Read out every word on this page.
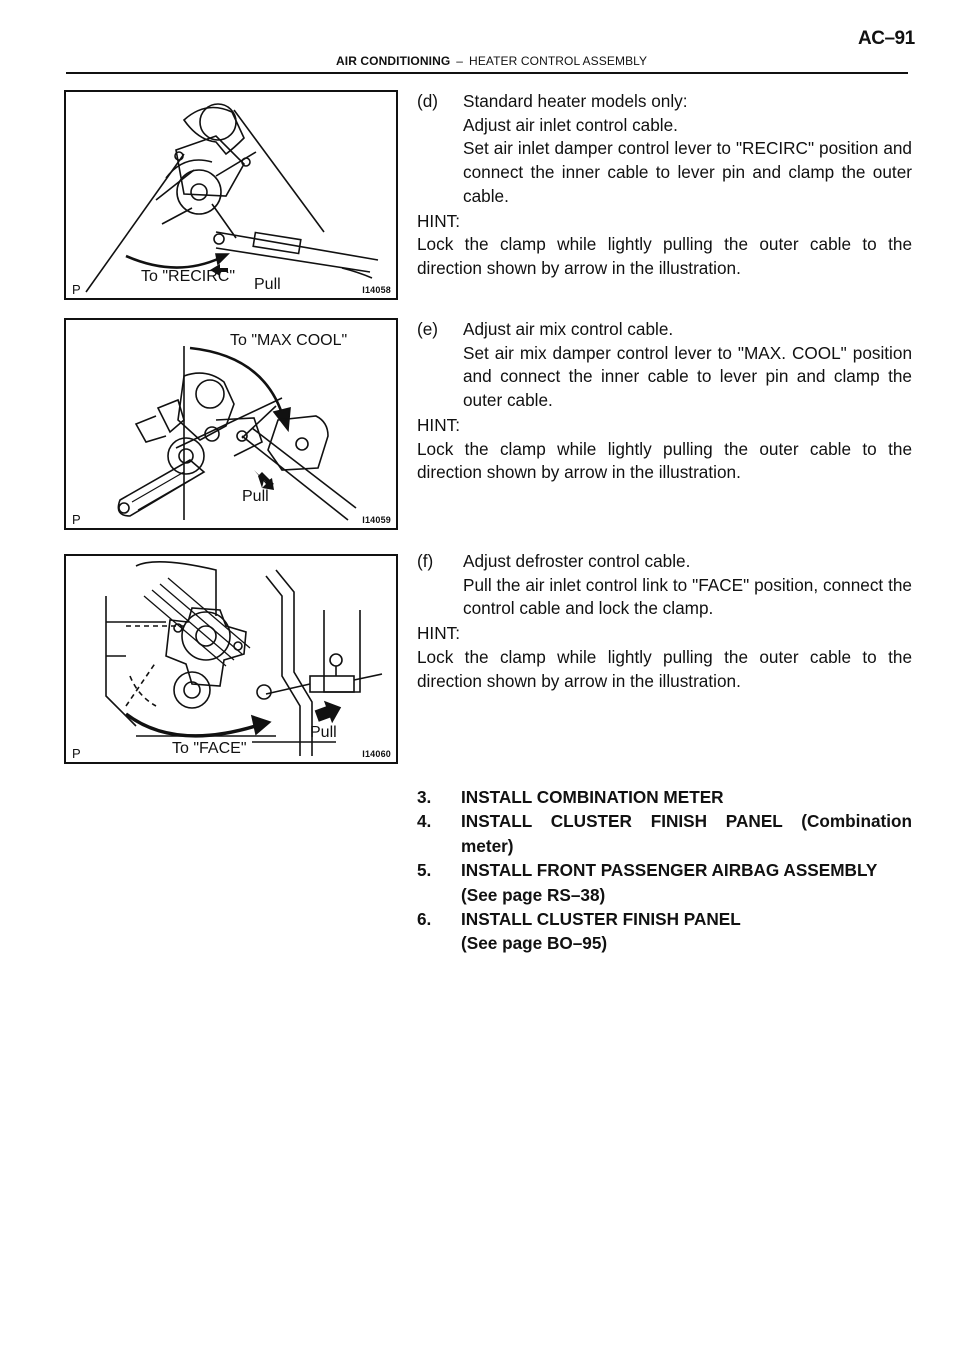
AC–91
AIR CONDITIONING – HEATER CONTROL ASSEMBLY
To "RECIRC" Pull
P	I14058
To "MAX COOL"
Pull
P	I14059
To "FACE"
Pull
P	I14060
(d)	Standard heater models only:
Adjust air inlet control cable.
Set air inlet damper control lever to "RECIRC" position and connect the inner cable to lever pin and clamp the outer cable.
HINT:
Lock the clamp while lightly pulling the outer cable to the direction shown by arrow in the illustration.
(e)	Adjust air mix control cable.
Set air mix damper control lever to "MAX. COOL" position and connect the inner cable to lever pin and clamp the outer cable.
HINT:
Lock the clamp while lightly pulling the outer cable to the direction shown by arrow in the illustration.
(f)	Adjust defroster control cable.
Pull the air inlet control link to "FACE" position, connect the control cable and lock the clamp.
HINT:
Lock the clamp while lightly pulling the outer cable to the direction shown by arrow in the illustration.
3.	INSTALL COMBINATION METER
4.	INSTALL CLUSTER FINISH PANEL (Combination meter)
5.	INSTALL FRONT PASSENGER AIRBAG ASSEMBLY
(See page RS–38)
6.	INSTALL CLUSTER FINISH PANEL
(See page BO–95)
